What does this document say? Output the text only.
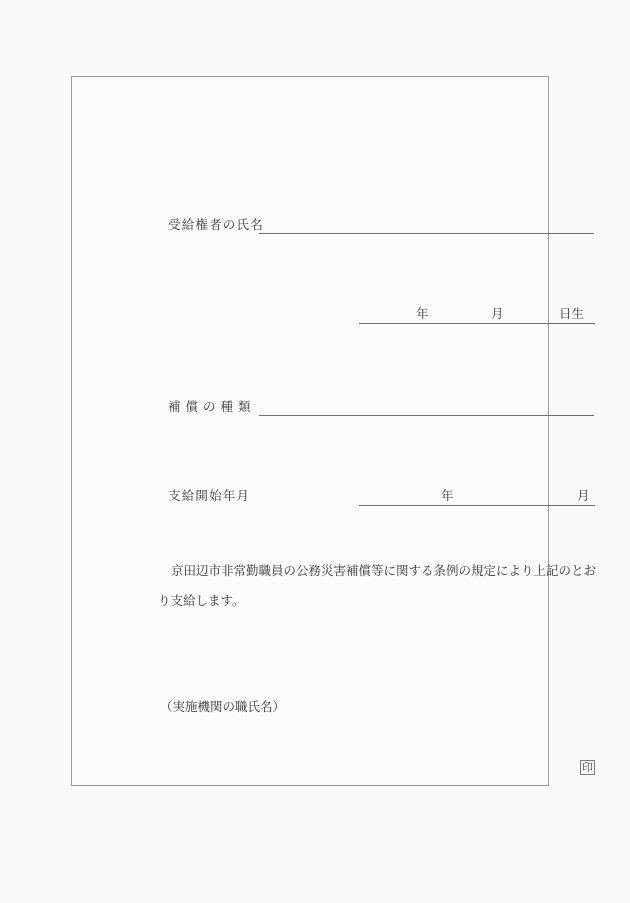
受給権者の氏名
年	月	日生
補償の種類
支給開始年月	年	月
京田辺市非常勤職員の公務災害補償等に関する条例の規定により上記のとおり支給します。
（実施機関の職氏名）
印
